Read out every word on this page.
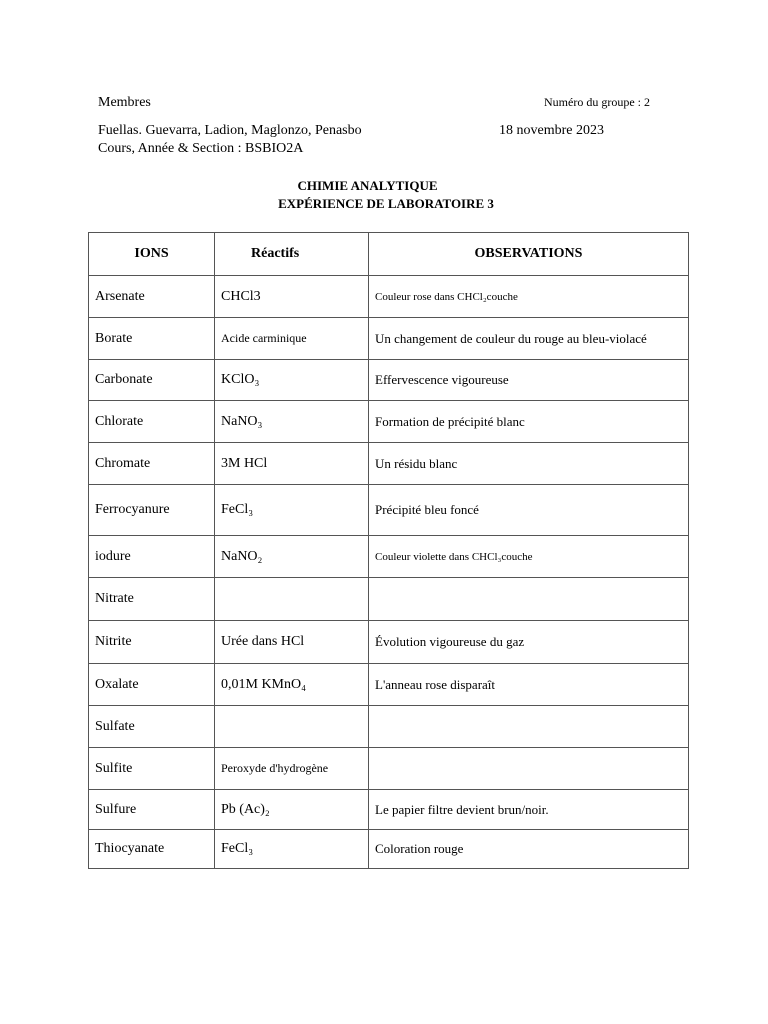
Membres	Numéro du groupe : 2
Fuellas. Guevarra, Ladion, Maglonzo, Penasbo	18 novembre 2023
Cours, Année & Section : BSBIO2A
CHIMIE ANALYTIQUE
EXPÉRIENCE DE LABORATOIRE 3
IONS	Réactifs	OBSERVATIONS
Arsenate	CHCl3	Couleur rose dans CHCl₂couche
Borate	Acide carminique	Un changement de couleur du rouge au bleu-violacé
Carbonate	KClO₃	Effervescence vigoureuse
Chlorate	NaNO₃	Formation de précipité blanc
Chromate	3M HCl	Un résidu blanc
Ferrocyanure	FeCl₃	Précipité bleu foncé
iodure	NaNO₂	Couleur violette dans CHCl₃couche
Nitrate		
Nitrite	Urée dans HCl	Évolution vigoureuse du gaz
Oxalate	0,01M KMnO₄	L'anneau rose disparaît
Sulfate		
Sulfite	Peroxyde d'hydrogène	
Sulfure	Pb (Ac)₂	Le papier filtre devient brun/noir.
Thiocyanate	FeCl₃	Coloration rouge
